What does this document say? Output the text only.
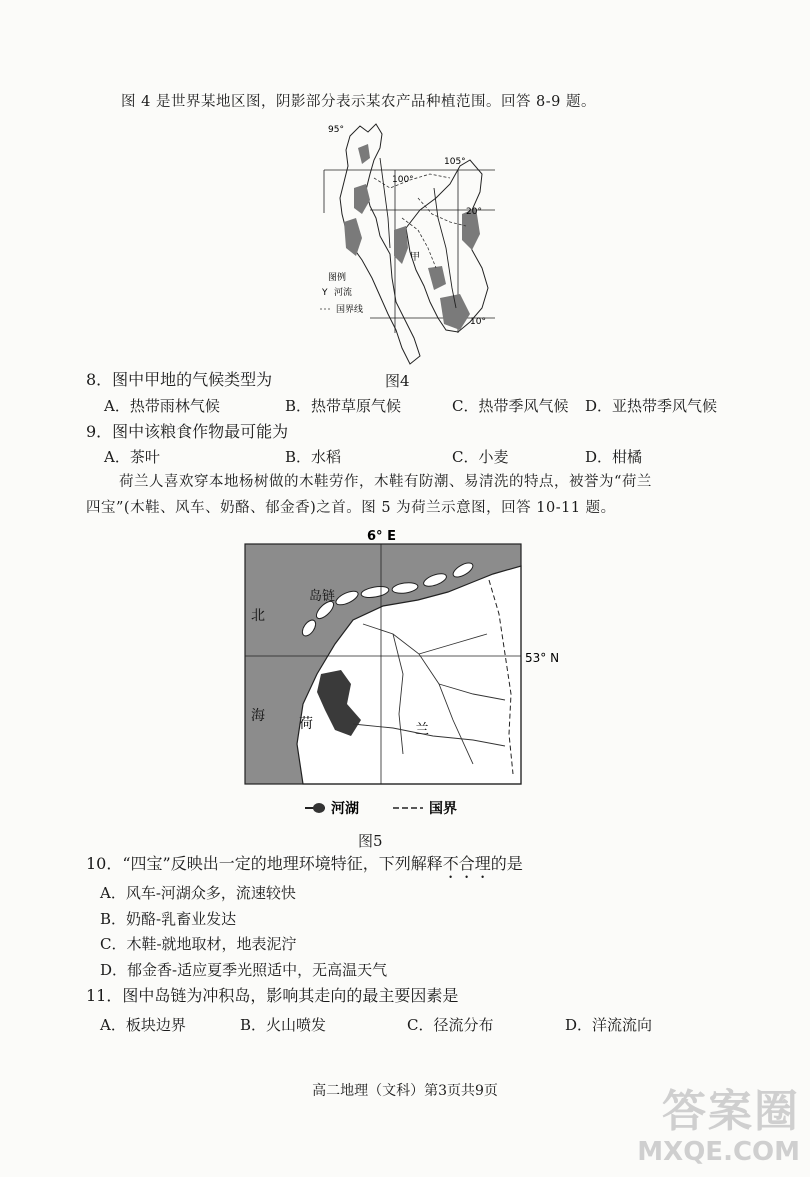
图 4 是世界某地区图，阴影部分表示某农产品种植范围。回答 8-9 题。
95°
100°
105°
20°
10°
甲
图例
Y 河流
国界线
8．图中甲地的气候类型为	图4
A．热带雨林气候	B．热带草原气候	C．热带季风气候 D．亚热带季风气候
9．图中该粮食作物最可能为
A．茶叶	B．水稻	C．小麦	D．柑橘
荷兰人喜欢穿本地杨树做的木鞋劳作，木鞋有防潮、易清洗的特点，被誉为“荷兰
四宝”(木鞋、风车、奶酪、郁金香)之首。图 5 为荷兰示意图，回答 10-11 题。
6° E
53° N
岛链
北
海 荷	兰
河湖	国界
图5
10．“四宝”反映出一定的地理环境特征，下列解释不合理的是
A．风车-河湖众多，流速较快
B．奶酪-乳畜业发达
C．木鞋-就地取材，地表泥泞
D．郁金香-适应夏季光照适中，无高温天气
11．图中岛链为冲积岛，影响其走向的最主要因素是
A．板块边界	B．火山喷发	C．径流分布	D．洋流流向
高二地理（文科）第3页共9页	答案圈
MXQE.COM
